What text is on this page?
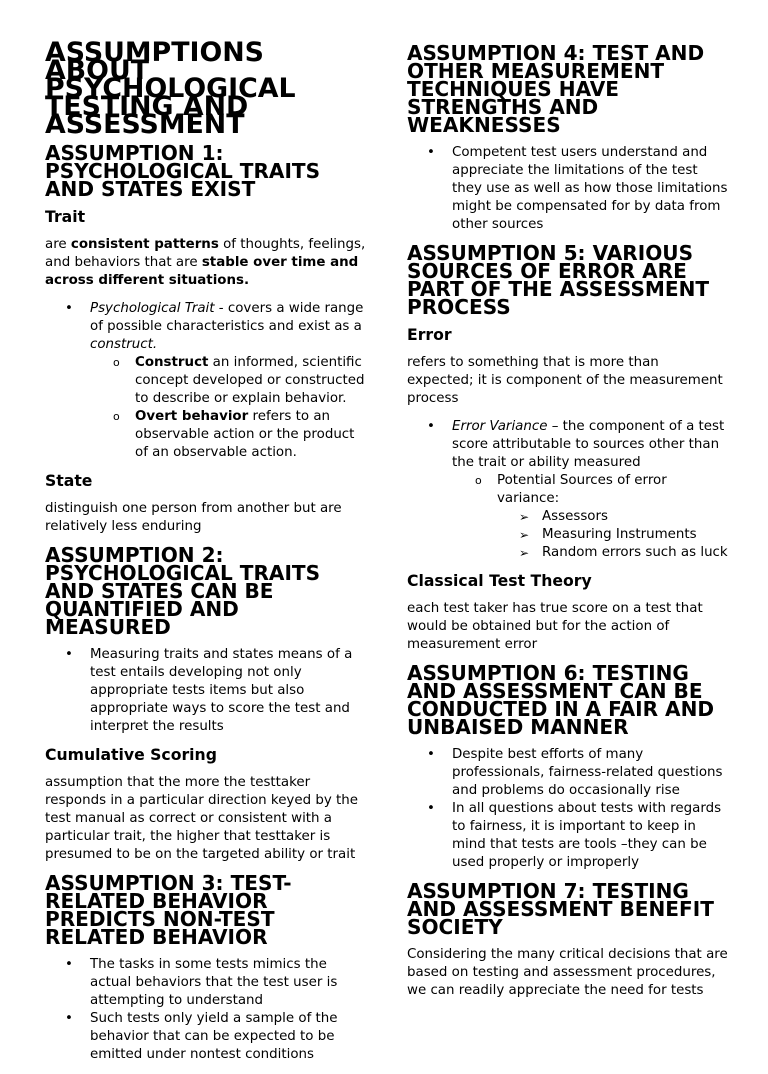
ASSUMPTIONS ABOUT PSYCHOLOGICAL TESTING AND ASSESSMENT
ASSUMPTION 1: PSYCHOLOGICAL TRAITS AND STATES EXIST
Trait

are consistent patterns of thoughts, feelings, and behaviors that are stable over time and across different situations.

• Psychological Trait - covers a wide range of possible characteristics and exist as a construct.
o Construct an informed, scientific concept developed or constructed to describe or explain behavior.
o Overt behavior refers to an observable action or the product of an observable action.
State

distinguish one person from another but are relatively less enduring

ASSUMPTION 2: PSYCHOLOGICAL TRAITS AND STATES CAN BE QUANTIFIED AND MEASURED
• Measuring traits and states means of a test entails developing not only appropriate tests items but also appropriate ways to score the test and interpret the results
Cumulative Scoring

assumption that the more the testtaker responds in a particular direction keyed by the test manual as correct or consistent with a particular trait, the higher that testtaker is presumed to be on the targeted ability or trait

ASSUMPTION 3: TEST-RELATED BEHAVIOR PREDICTS NON-TEST RELATED BEHAVIOR
• The tasks in some tests mimics the actual behaviors that the test user is attempting to understand
• Such tests only yield a sample of the behavior that can be expected to be emitted under nontest conditions
ASSUMPTION 4: TEST AND OTHER MEASUREMENT TECHNIQUES HAVE STRENGTHS AND WEAKNESSES
• Competent test users understand and appreciate the limitations of the test they use as well as how those limitations might be compensated for by data from other sources
ASSUMPTION 5: VARIOUS SOURCES OF ERROR ARE PART OF THE ASSESSMENT PROCESS
Error

refers to something that is more than expected; it is component of the measurement process

• Error Variance – the component of a test score attributable to sources other than the trait or ability measured
o Potential Sources of error variance:
➢ Assessors
➢ Measuring Instruments
➢ Random errors such as luck
Classical Test Theory

each test taker has true score on a test that would be obtained but for the action of measurement error

ASSUMPTION 6: TESTING AND ASSESSMENT CAN BE CONDUCTED IN A FAIR AND UNBAISED MANNER
• Despite best efforts of many professionals, fairness-related questions and problems do occasionally rise
• In all questions about tests with regards to fairness, it is important to keep in mind that tests are tools –they can be used properly or improperly
ASSUMPTION 7: TESTING AND ASSESSMENT BENEFIT SOCIETY

Considering the many critical decisions that are based on testing and assessment procedures, we can readily appreciate the need for tests
